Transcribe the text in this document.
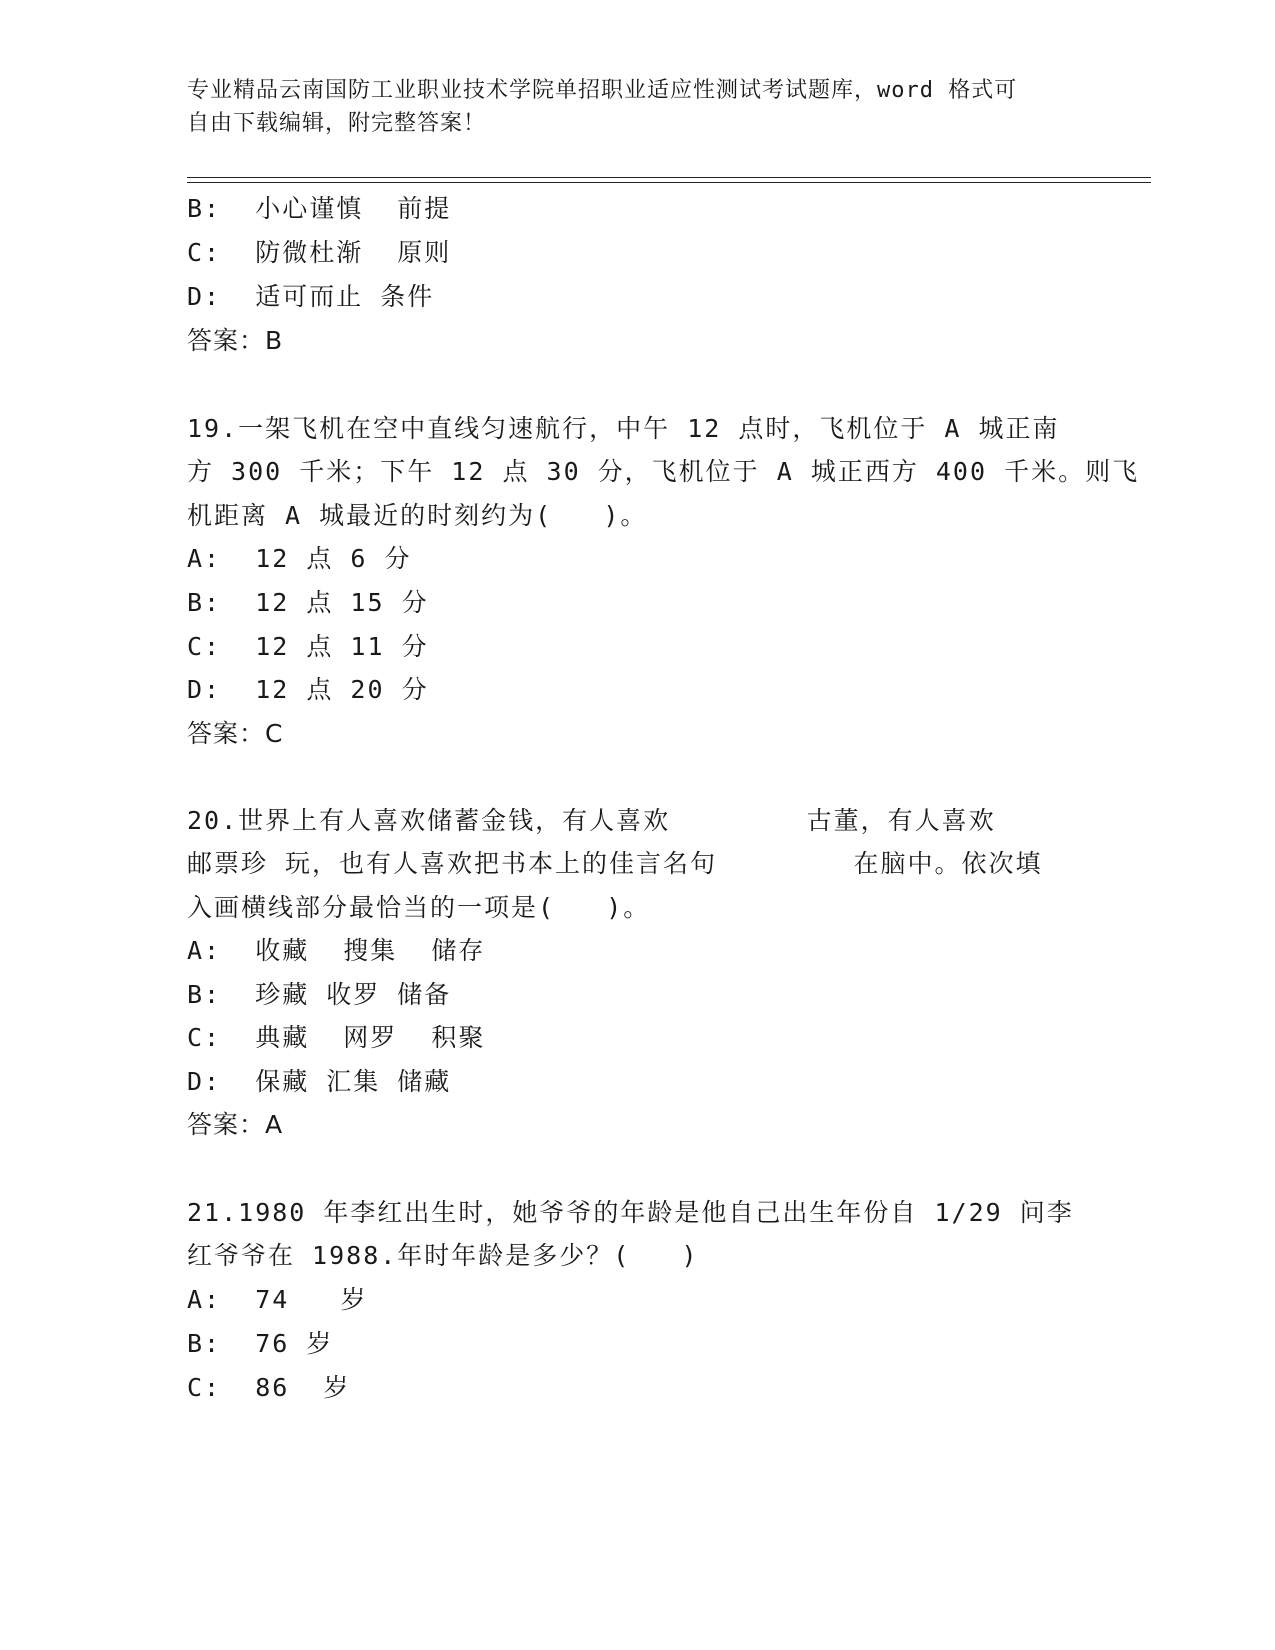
专业精品云南国防工业职业技术学院单招职业适应性测试考试题库，word 格式可
自由下载编辑，附完整答案！
B:  小心谨慎  前提
C:  防微杜渐  原则
D:  适可而止 条件
答案：B
19.一架飞机在空中直线匀速航行，中午 12 点时，飞机位于 A 城正南
方 300 千米；下午 12 点 30 分，飞机位于 A 城正西方 400 千米。则飞
机距离 A 城最近的时刻约为(   )。
A:  12 点 6 分
B:  12 点 15 分
C:  12 点 11 分
D:  12 点 20 分
答案：C
20.世界上有人喜欢储蓄金钱，有人喜欢        古董，有人喜欢
邮票珍 玩，也有人喜欢把书本上的佳言名句        在脑中。依次填
入画横线部分最恰当的一项是(   )。
A:  收藏  搜集  储存
B:  珍藏 收罗 储备
C:  典藏  网罗  积聚
D:  保藏 汇集 储藏
答案：A
21.1980 年李红出生时，她爷爷的年龄是他自己出生年份自 1/29 问李
红爷爷在 1988.年时年龄是多少？(   )
A:  74   岁
B:  76 岁
C:  86  岁
